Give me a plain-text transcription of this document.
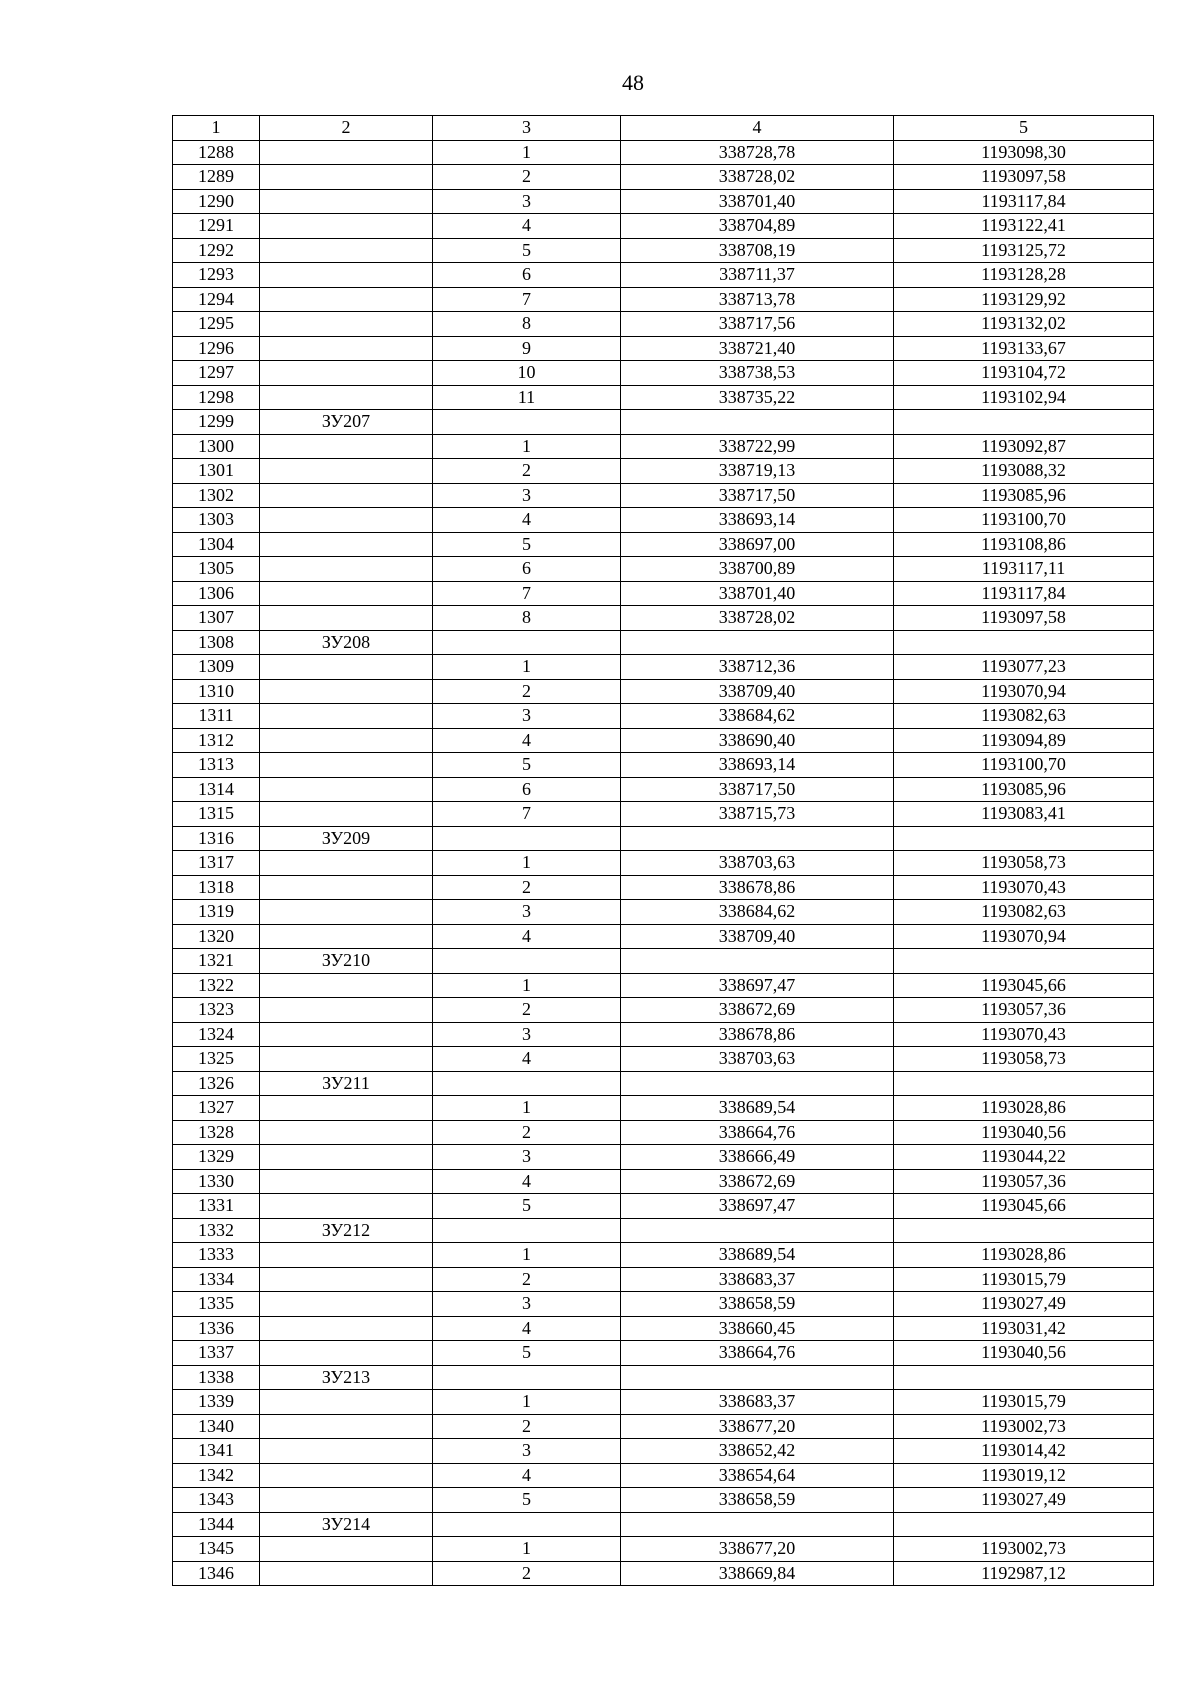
48
1	2	3	4	5
1288		1	338728,78	1193098,30
1289		2	338728,02	1193097,58
1290		3	338701,40	1193117,84
1291		4	338704,89	1193122,41
1292		5	338708,19	1193125,72
1293		6	338711,37	1193128,28
1294		7	338713,78	1193129,92
1295		8	338717,56	1193132,02
1296		9	338721,40	1193133,67
1297		10	338738,53	1193104,72
1298		11	338735,22	1193102,94
1299	ЗУ207			
1300		1	338722,99	1193092,87
1301		2	338719,13	1193088,32
1302		3	338717,50	1193085,96
1303		4	338693,14	1193100,70
1304		5	338697,00	1193108,86
1305		6	338700,89	1193117,11
1306		7	338701,40	1193117,84
1307		8	338728,02	1193097,58
1308	ЗУ208			
1309		1	338712,36	1193077,23
1310		2	338709,40	1193070,94
1311		3	338684,62	1193082,63
1312		4	338690,40	1193094,89
1313		5	338693,14	1193100,70
1314		6	338717,50	1193085,96
1315		7	338715,73	1193083,41
1316	ЗУ209			
1317		1	338703,63	1193058,73
1318		2	338678,86	1193070,43
1319		3	338684,62	1193082,63
1320		4	338709,40	1193070,94
1321	ЗУ210			
1322		1	338697,47	1193045,66
1323		2	338672,69	1193057,36
1324		3	338678,86	1193070,43
1325		4	338703,63	1193058,73
1326	ЗУ211			
1327		1	338689,54	1193028,86
1328		2	338664,76	1193040,56
1329		3	338666,49	1193044,22
1330		4	338672,69	1193057,36
1331		5	338697,47	1193045,66
1332	ЗУ212			
1333		1	338689,54	1193028,86
1334		2	338683,37	1193015,79
1335		3	338658,59	1193027,49
1336		4	338660,45	1193031,42
1337		5	338664,76	1193040,56
1338	ЗУ213			
1339		1	338683,37	1193015,79
1340		2	338677,20	1193002,73
1341		3	338652,42	1193014,42
1342		4	338654,64	1193019,12
1343		5	338658,59	1193027,49
1344	ЗУ214			
1345		1	338677,20	1193002,73
1346		2	338669,84	1192987,12
